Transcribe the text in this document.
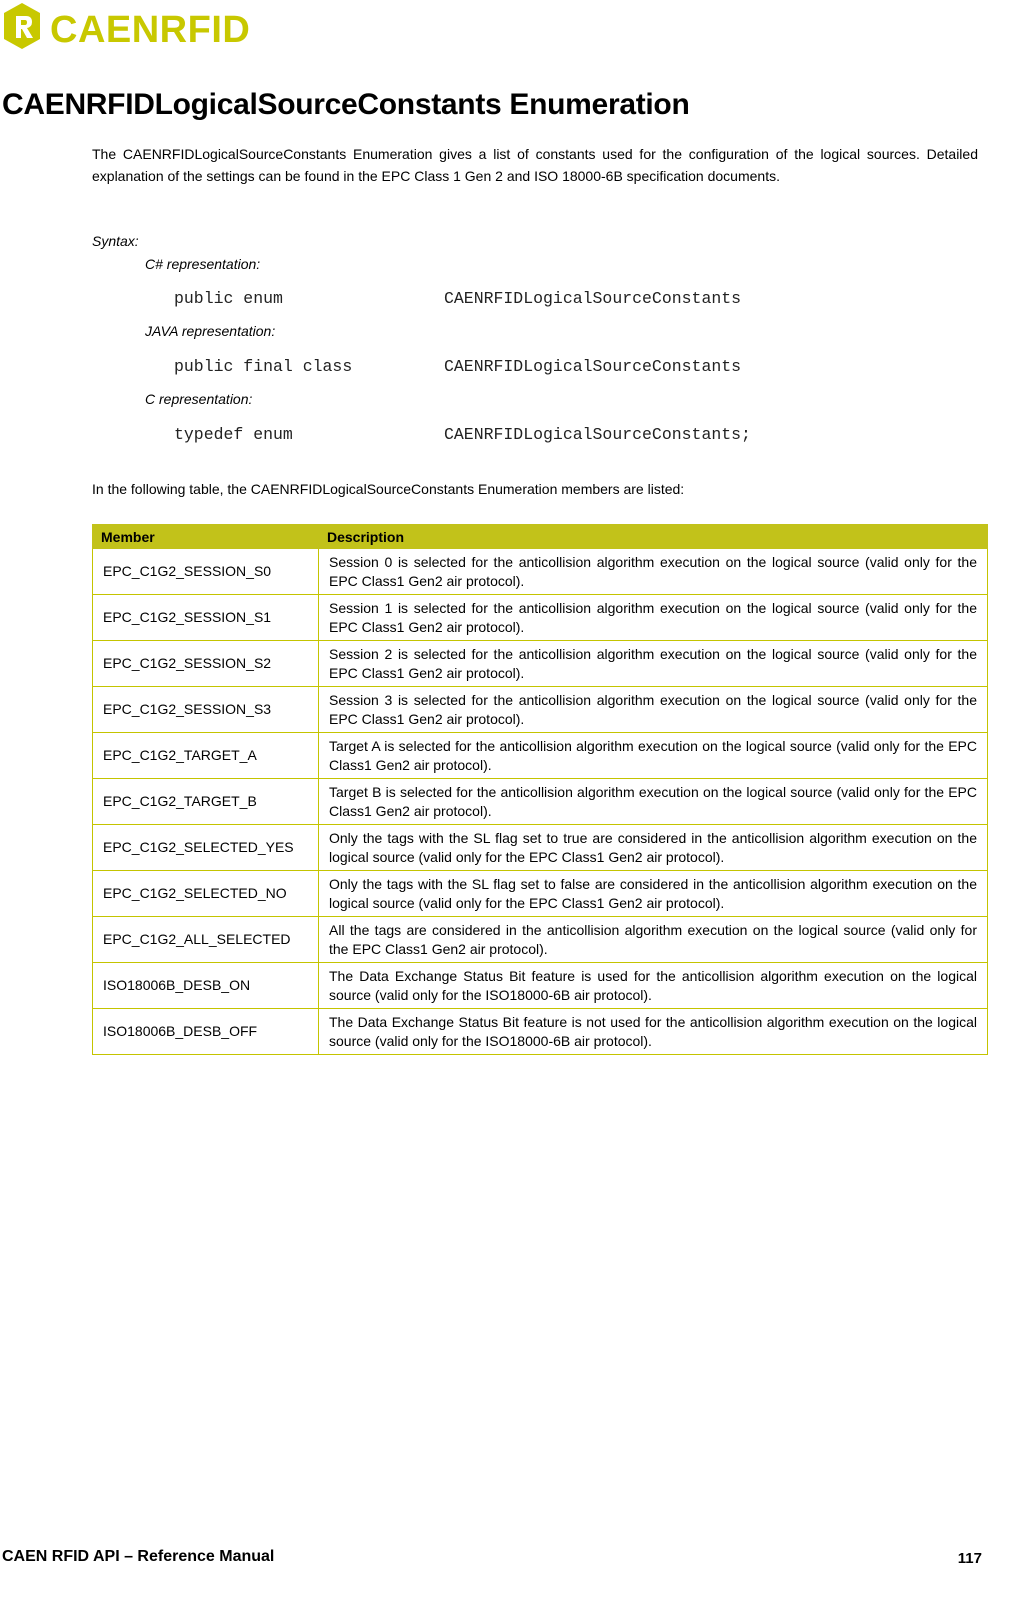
CAENRFID
CAENRFIDLogicalSourceConstants Enumeration

The CAENRFIDLogicalSourceConstants Enumeration gives a list of constants used for the configuration of the logical sources. Detailed explanation of the settings can be found in the EPC Class 1 Gen 2 and ISO 18000-6B specification documents.

Syntax:

C# representation:

public enum	CAENRFIDLogicalSourceConstants

JAVA representation:

public final class	CAENRFIDLogicalSourceConstants

C representation:

typedef enum	CAENRFIDLogicalSourceConstants;

In the following table, the CAENRFIDLogicalSourceConstants Enumeration members are listed:

Member	Description
EPC_C1G2_SESSION_S0	Session 0 is selected for the anticollision algorithm execution on the logical source (valid only for the EPC Class1 Gen2 air protocol).
EPC_C1G2_SESSION_S1	Session 1 is selected for the anticollision algorithm execution on the logical source (valid only for the EPC Class1 Gen2 air protocol).
EPC_C1G2_SESSION_S2	Session 2 is selected for the anticollision algorithm execution on the logical source (valid only for the EPC Class1 Gen2 air protocol).
EPC_C1G2_SESSION_S3	Session 3 is selected for the anticollision algorithm execution on the logical source (valid only for the EPC Class1 Gen2 air protocol).
EPC_C1G2_TARGET_A	Target A is selected for the anticollision algorithm execution on the logical source (valid only for the EPC Class1 Gen2 air protocol).
EPC_C1G2_TARGET_B	Target B is selected for the anticollision algorithm execution on the logical source (valid only for the EPC Class1 Gen2 air protocol).
EPC_C1G2_SELECTED_YES	Only the tags with the SL flag set to true are considered in the anticollision algorithm execution on the logical source (valid only for the EPC Class1 Gen2 air protocol).
EPC_C1G2_SELECTED_NO	Only the tags with the SL flag set to false are considered in the anticollision algorithm execution on the logical source (valid only for the EPC Class1 Gen2 air protocol).
EPC_C1G2_ALL_SELECTED	All the tags are considered in the anticollision algorithm execution on the logical source (valid only for the EPC Class1 Gen2 air protocol).
ISO18006B_DESB_ON	The Data Exchange Status Bit feature is used for the anticollision algorithm execution on the logical source (valid only for the ISO18000-6B air protocol).
ISO18006B_DESB_OFF	The Data Exchange Status Bit feature is not used for the anticollision algorithm execution on the logical source (valid only for the ISO18000-6B air protocol).

CAEN RFID API – Reference Manual	117
